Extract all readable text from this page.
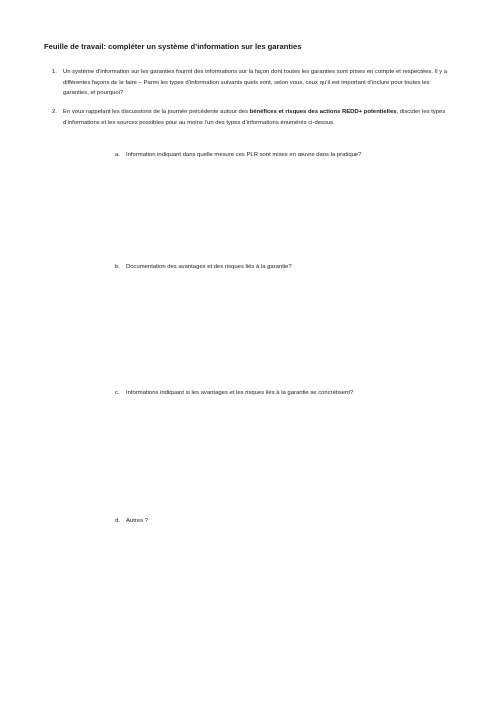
Feuille de travail: compléter un système d’information sur les garanties
1. Un système d’information sur les garanties fournit des informations sur la façon dont toutes les garanties sont prises en compte et respectées. Il y a différentes façons de le faire – Parmi les types d’information suivants quels sont, selon vous, ceux qu’il est important d’inclure pour toutes les garanties, et pourquoi?
2. En vous rappelant les discussions de la journée précédente autour des bénéfices et risques des actions REDD+ potentielles, discuter les types d’informations et les sources possibles pour au moins l’un des types d’informations énumérés ci-dessus.
a. Information indiquant dans quelle mesure ces PLR sont mises en œuvre dans la pratique?
b. Documentation des avantages et des risques liés à la garantie?
c. Informations indiquant si les avantages et les risques liés à la garantie se concrétisent?
d. Autres ?
